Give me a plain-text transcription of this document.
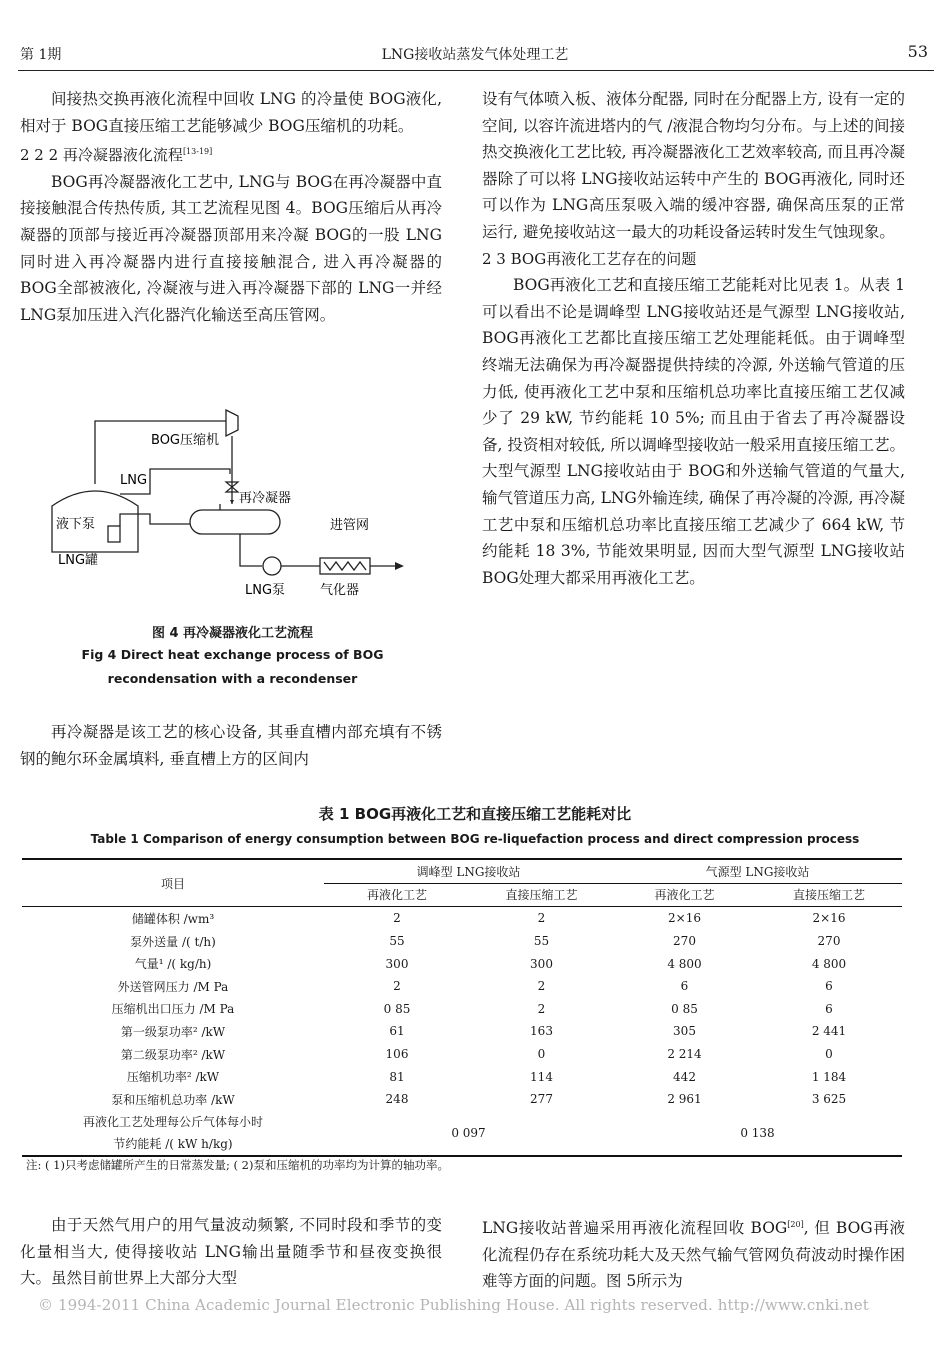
第 1期	LNG接收站蒸发气体处理工艺	53

间接热交换再液化流程中回收 LNG 的冷量使 BOG液化, 相对于 BOG直接压缩工艺能够减少 BOG压缩机的功耗。

2 2 2 再冷凝器液化流程[13-19]

BOG再冷凝器液化工艺中, LNG与 BOG在再冷凝器中直接接触混合传热传质, 其工艺流程见图 4。BOG压缩后从再冷凝器的顶部与接近再冷凝器顶部用来冷凝 BOG的一股 LNG同时进入再冷凝器内进行直接接触混合, 进入再冷凝器的 BOG全部被液化, 冷凝液与进入再冷凝器下部的 LNG一并经 LNG泵加压进入汽化器汽化输送至高压管网。

BOG压缩机
LNG
再冷凝器
液下泵
LNG罐
进管网
气化器
LNG泵
图 4 再冷凝器液化工艺流程
Fig 4 Direct heat exchange process of BOG
recondensation with a recondenser

再冷凝器是该工艺的核心设备, 其垂直槽内部充填有不锈钢的鲍尔环金属填料, 垂直槽上方的区间内

设有气体喷入板、液体分配器, 同时在分配器上方, 设有一定的空间, 以容许流进塔内的气 /液混合物均匀分布。与上述的间接热交换液化工艺比较, 再冷凝器液化工艺效率较高, 而且再冷凝器除了可以将 LNG接收站运转中产生的 BOG再液化, 同时还可以作为 LNG高压泵吸入端的缓冲容器, 确保高压泵的正常运行, 避免接收站这一最大的功耗设备运转时发生气蚀现象。

2 3 BOG再液化工艺存在的问题

BOG再液化工艺和直接压缩工艺能耗对比见表 1。从表 1可以看出不论是调峰型 LNG接收站还是气源型 LNG接收站, BOG再液化工艺都比直接压缩工艺处理能耗低。由于调峰型终端无法确保为再冷凝器提供持续的冷源, 外送输气管道的压力低, 使再液化工艺中泵和压缩机总功率比直接压缩工艺仅减少了 29 kW, 节约能耗 10 5%; 而且由于省去了再冷凝器设备, 投资相对较低, 所以调峰型接收站一般采用直接压缩工艺。大型气源型 LNG接收站由于 BOG和外送输气管道的气量大, 输气管道压力高, LNG外输连续, 确保了再冷凝的冷源, 再冷凝工艺中泵和压缩机总功率比直接压缩工艺减少了 664 kW, 节约能耗 18 3%, 节能效果明显, 因而大型气源型 LNG接收站 BOG处理大都采用再液化工艺。

表 1 BOG再液化工艺和直接压缩工艺能耗对比
Table 1 Comparison of energy consumption between BOG re-liquefaction process and direct compression process
项目	调峰型 LNG接收站		气源型 LNG接收站	
	再液化工艺	直接压缩工艺	再液化工艺	直接压缩工艺
储罐体积 /wm³	2	2	2×16	2×16
泵外送量 /( t/h)	55	55	270	270
气量¹ /( kg/h)	300	300	4 800	4 800
外送管网压力 /M Pa	2	2	6	6
压缩机出口压力 /M Pa	0 85	2	0 85	6
第一级泵功率² /kW	61	163	305	2 441
第二级泵功率² /kW	106	0	2 214	0
压缩机功率² /kW	81	114	442	1 184
泵和压缩机总功率 /kW	248	277	2 961	3 625
再液化工艺处理每公斤气体每小时
节约能耗 /( kW h/kg)	0 097		0 138	
注: ( 1)只考虑储罐所产生的日常蒸发量; ( 2)泵和压缩机的功率均为计算的轴功率。

由于天然气用户的用气量波动频繁, 不同时段和季节的变化量相当大, 使得接收站 LNG输出量随季节和昼夜变换很大。虽然目前世界上大部分大型

LNG接收站普遍采用再液化流程回收 BOG[20], 但 BOG再液化流程仍存在系统功耗大及天然气输气管网负荷波动时操作困难等方面的问题。图 5所示为

© 1994-2011 China Academic Journal Electronic Publishing House. All rights reserved. http://www.cnki.net
